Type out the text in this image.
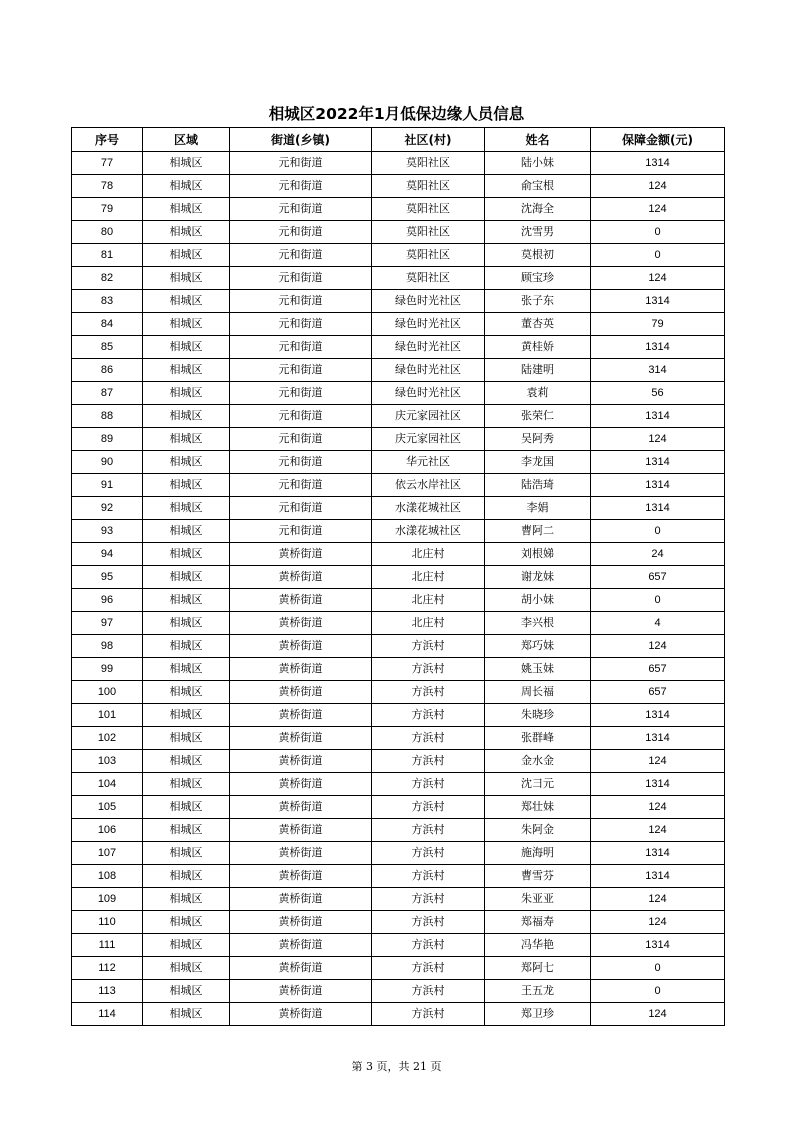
相城区2022年1月低保边缘人员信息
序号	区域	街道(乡镇)	社区(村)	姓名	保障金额(元)
77	相城区	元和街道	莫阳社区	陆小妹	1314
78	相城区	元和街道	莫阳社区	俞宝根	124
79	相城区	元和街道	莫阳社区	沈海全	124
80	相城区	元和街道	莫阳社区	沈雪男	0
81	相城区	元和街道	莫阳社区	莫根初	0
82	相城区	元和街道	莫阳社区	顾宝珍	124
83	相城区	元和街道	绿色时光社区	张子东	1314
84	相城区	元和街道	绿色时光社区	董杏英	79
85	相城区	元和街道	绿色时光社区	黄桂娇	1314
86	相城区	元和街道	绿色时光社区	陆建明	314
87	相城区	元和街道	绿色时光社区	袁莉	56
88	相城区	元和街道	庆元家园社区	张荣仁	1314
89	相城区	元和街道	庆元家园社区	吴阿秀	124
90	相城区	元和街道	华元社区	李龙国	1314
91	相城区	元和街道	依云水岸社区	陆浩琦	1314
92	相城区	元和街道	水漾花城社区	李娟	1314
93	相城区	元和街道	水漾花城社区	曹阿二	0
94	相城区	黄桥街道	北庄村	刘根娣	24
95	相城区	黄桥街道	北庄村	谢龙妹	657
96	相城区	黄桥街道	北庄村	胡小妹	0
97	相城区	黄桥街道	北庄村	李兴根	4
98	相城区	黄桥街道	方浜村	郑巧妹	124
99	相城区	黄桥街道	方浜村	姚玉妹	657
100	相城区	黄桥街道	方浜村	周长福	657
101	相城区	黄桥街道	方浜村	朱晓珍	1314
102	相城区	黄桥街道	方浜村	张群峰	1314
103	相城区	黄桥街道	方浜村	金水金	124
104	相城区	黄桥街道	方浜村	沈彐元	1314
105	相城区	黄桥街道	方浜村	郑壮妹	124
106	相城区	黄桥街道	方浜村	朱阿金	124
107	相城区	黄桥街道	方浜村	施海明	1314
108	相城区	黄桥街道	方浜村	曹雪芬	1314
109	相城区	黄桥街道	方浜村	朱亚亚	124
110	相城区	黄桥街道	方浜村	郑福寿	124
111	相城区	黄桥街道	方浜村	冯华艳	1314
112	相城区	黄桥街道	方浜村	郑阿七	0
113	相城区	黄桥街道	方浜村	王五龙	0
114	相城区	黄桥街道	方浜村	郑卫珍	124
第 3 页，共 21 页
